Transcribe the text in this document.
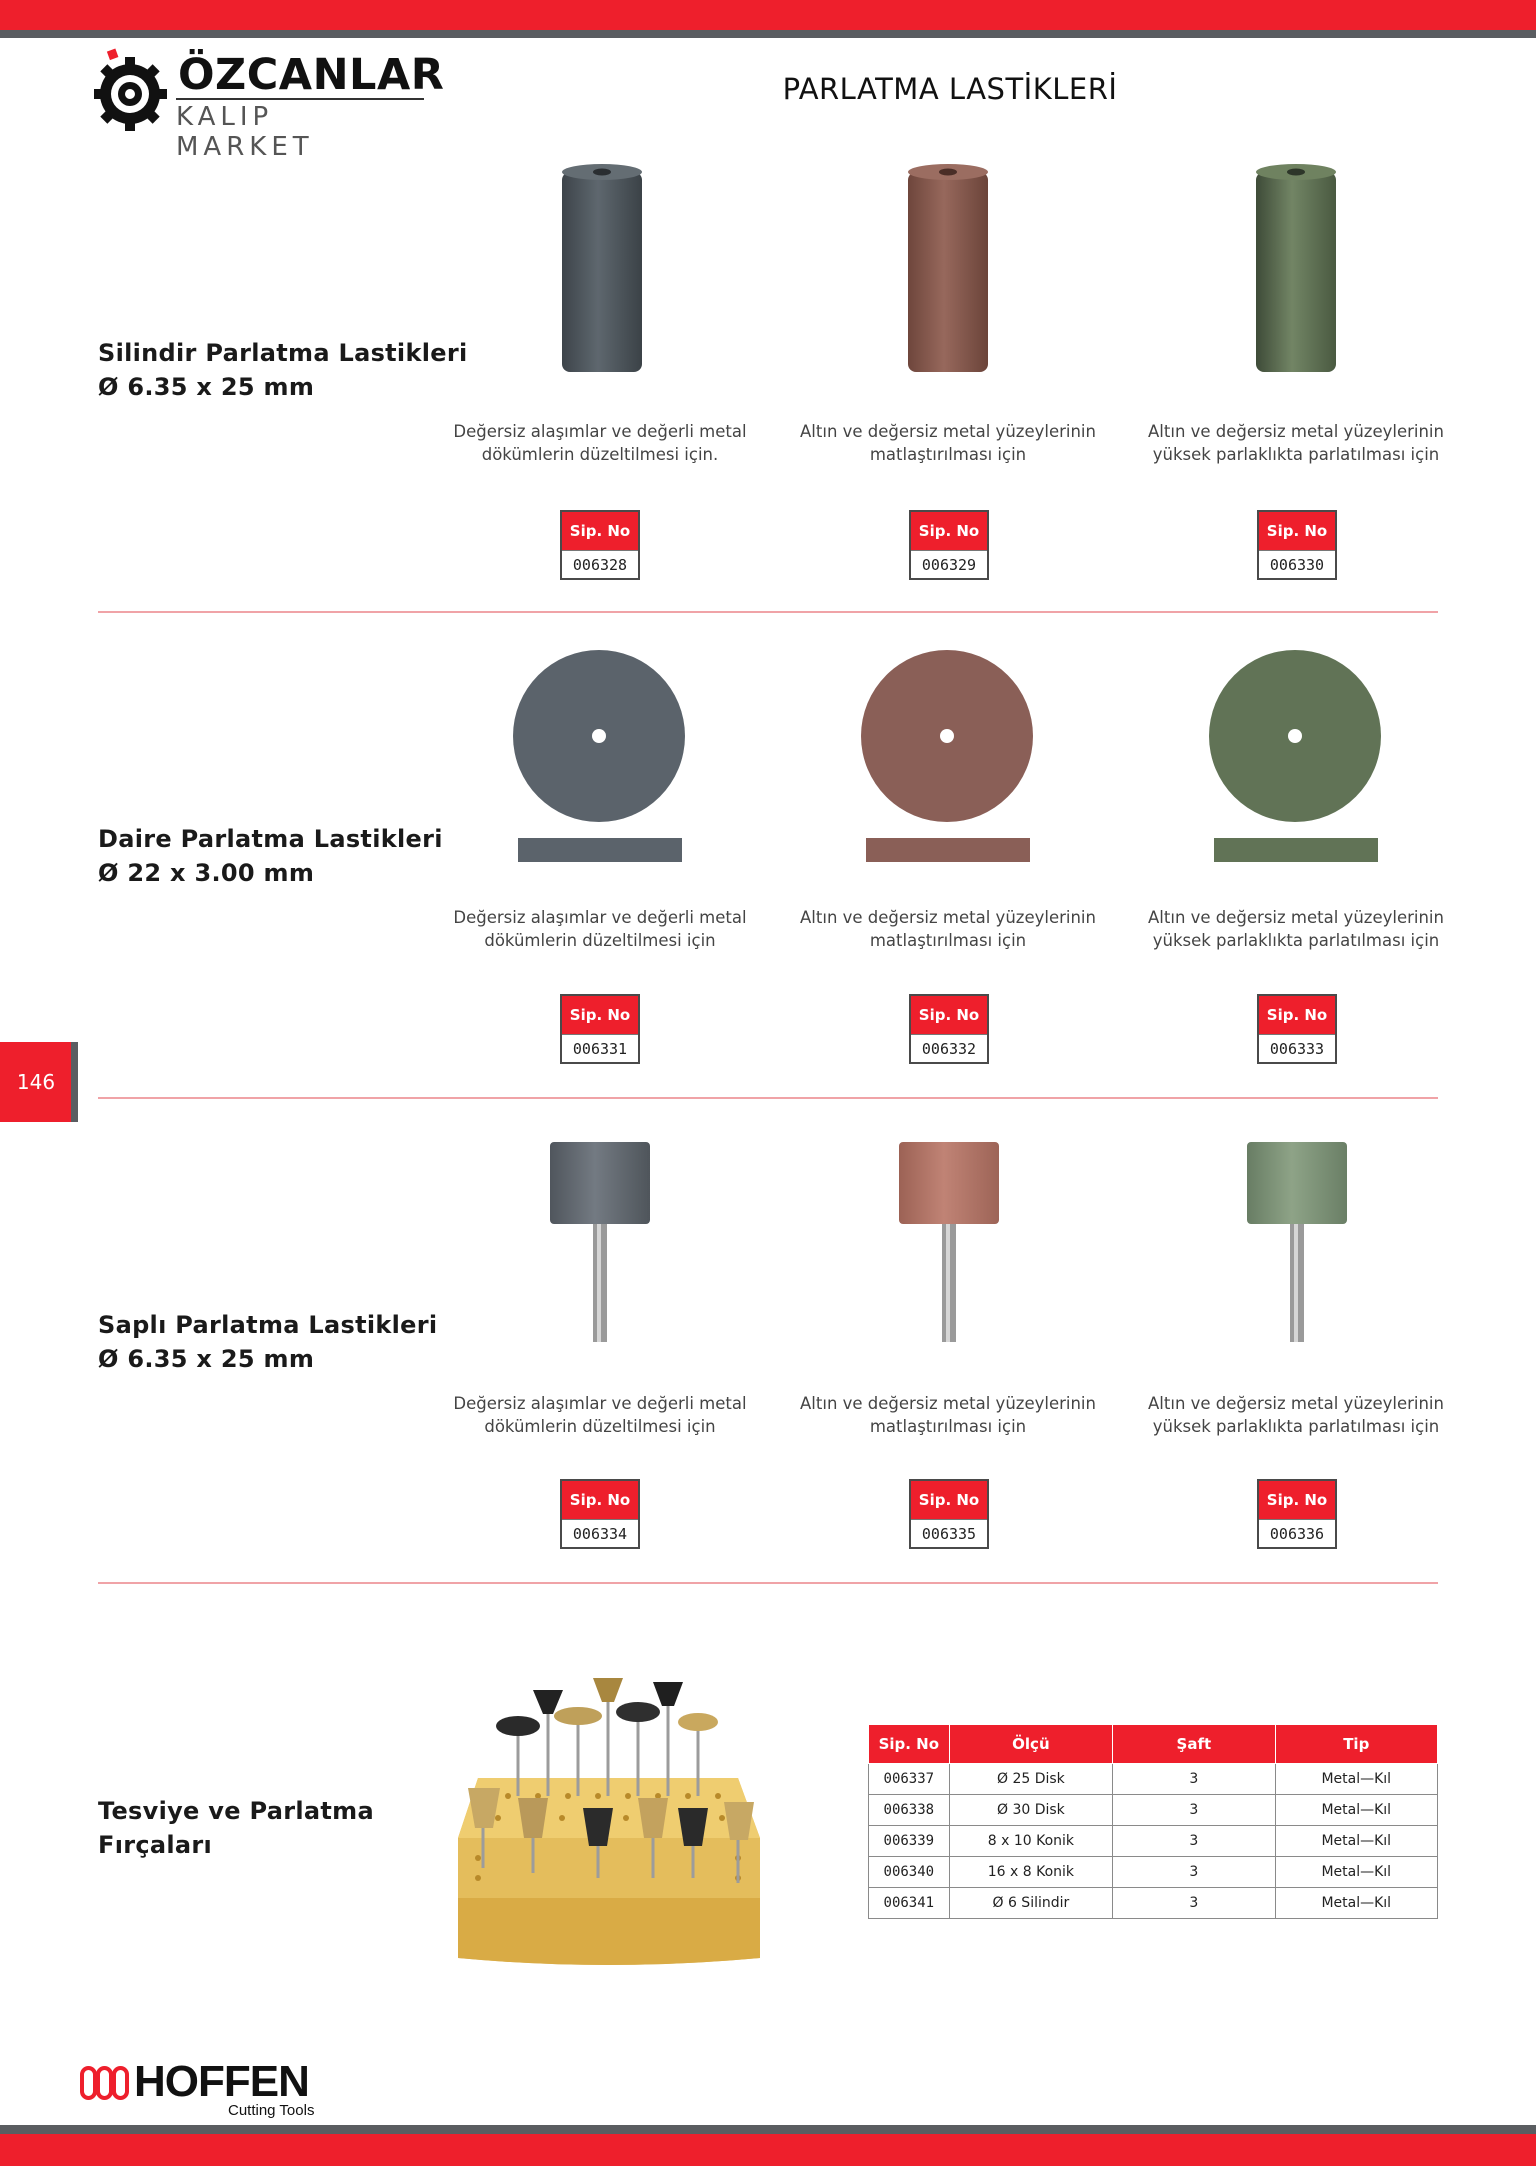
ÖZCANLAR
KALIP MARKET
PARLATMA LASTİKLERİ
146
Silindir Parlatma Lastikleri
Ø 6.35 x 25 mm
Değersiz alaşımlar ve değerli metal
dökümlerin düzeltilmesi için.
Altın ve değersiz metal yüzeylerinin
matlaştırılması için
Altın ve değersiz metal yüzeylerinin
yüksek parlaklıkta parlatılması için
Sip. No
006328
Sip. No
006329
Sip. No
006330
Daire Parlatma Lastikleri
Ø 22 x 3.00 mm
Değersiz alaşımlar ve değerli metal
dökümlerin düzeltilmesi için
Altın ve değersiz metal yüzeylerinin
matlaştırılması için
Altın ve değersiz metal yüzeylerinin
yüksek parlaklıkta parlatılması için
Sip. No
006331
Sip. No
006332
Sip. No
006333
Saplı Parlatma Lastikleri
Ø 6.35 x 25 mm
Değersiz alaşımlar ve değerli metal
dökümlerin düzeltilmesi için
Altın ve değersiz metal yüzeylerinin
matlaştırılması için
Altın ve değersiz metal yüzeylerinin
yüksek parlaklıkta parlatılması için
Sip. No
006334
Sip. No
006335
Sip. No
006336
Tesviye ve Parlatma
Fırçaları
Sip. No	Ölçü	Şaft	Tip
006337	Ø 25 Disk	3	Metal—Kıl
006338	Ø 30 Disk	3	Metal—Kıl
006339	8 x 10 Konik	3	Metal—Kıl
006340	16 x 8 Konik	3	Metal—Kıl
006341	Ø 6 Silindir	3	Metal—Kıl
HOFFEN
Cutting Tools
